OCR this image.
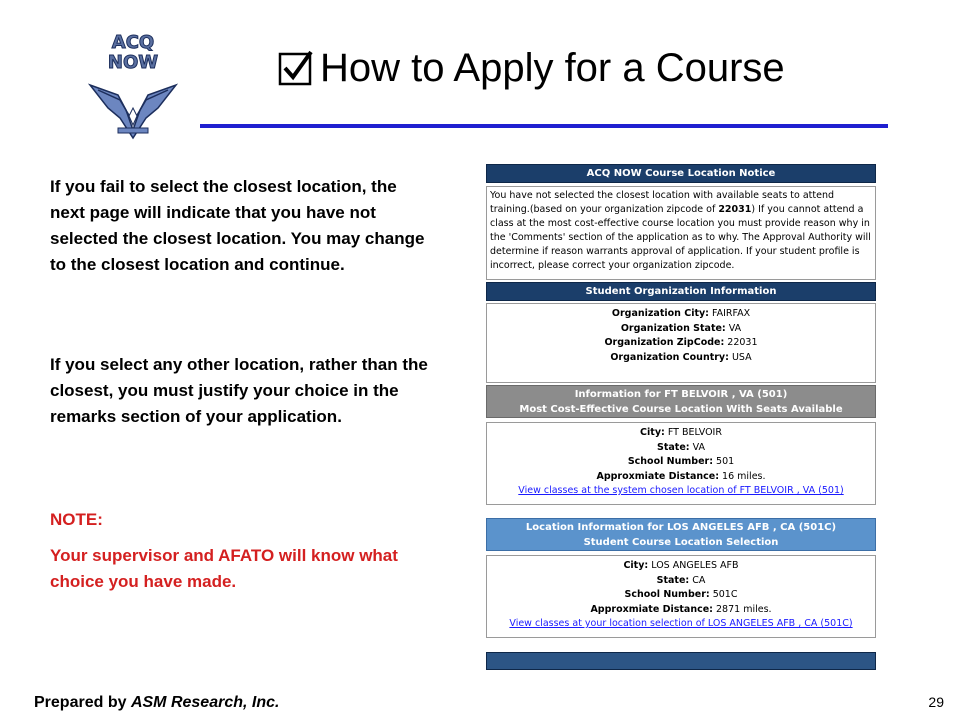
ACQ
NOW	How to Apply for a Course
If you fail to select the closest location, the next page will indicate that you have not selected the closest location. You may change to the closest location and continue.
If you select any other location, rather than the closest, you must justify your choice in the remarks section of your application.
NOTE:
Your supervisor and AFATO will know what choice you have made.
ACQ NOW Course Location Notice
You have not selected the closest location with available seats to attend training.(based on your organization zipcode of 22031) If you cannot attend a class at the most cost-effective course location you must provide reason why in the 'Comments' section of the application as to why. The Approval Authority will determine if reason warrants approval of application. If your student profile is incorrect, please correct your organization zipcode.
Student Organization Information
Organization City: FAIRFAX
Organization State: VA
Organization ZipCode: 22031
Organization Country: USA
Information for FT BELVOIR , VA (501)
Most Cost-Effective Course Location With Seats Available
City: FT BELVOIR
State: VA
School Number: 501
Approxmiate Distance: 16 miles.
View classes at the system chosen location of FT BELVOIR , VA (501)
Location Information for LOS ANGELES AFB , CA (501C)
Student Course Location Selection
City: LOS ANGELES AFB
State: CA
School Number: 501C
Approxmiate Distance: 2871 miles.
View classes at your location selection of LOS ANGELES AFB , CA (501C)
Prepared by ASM Research, Inc.	29
